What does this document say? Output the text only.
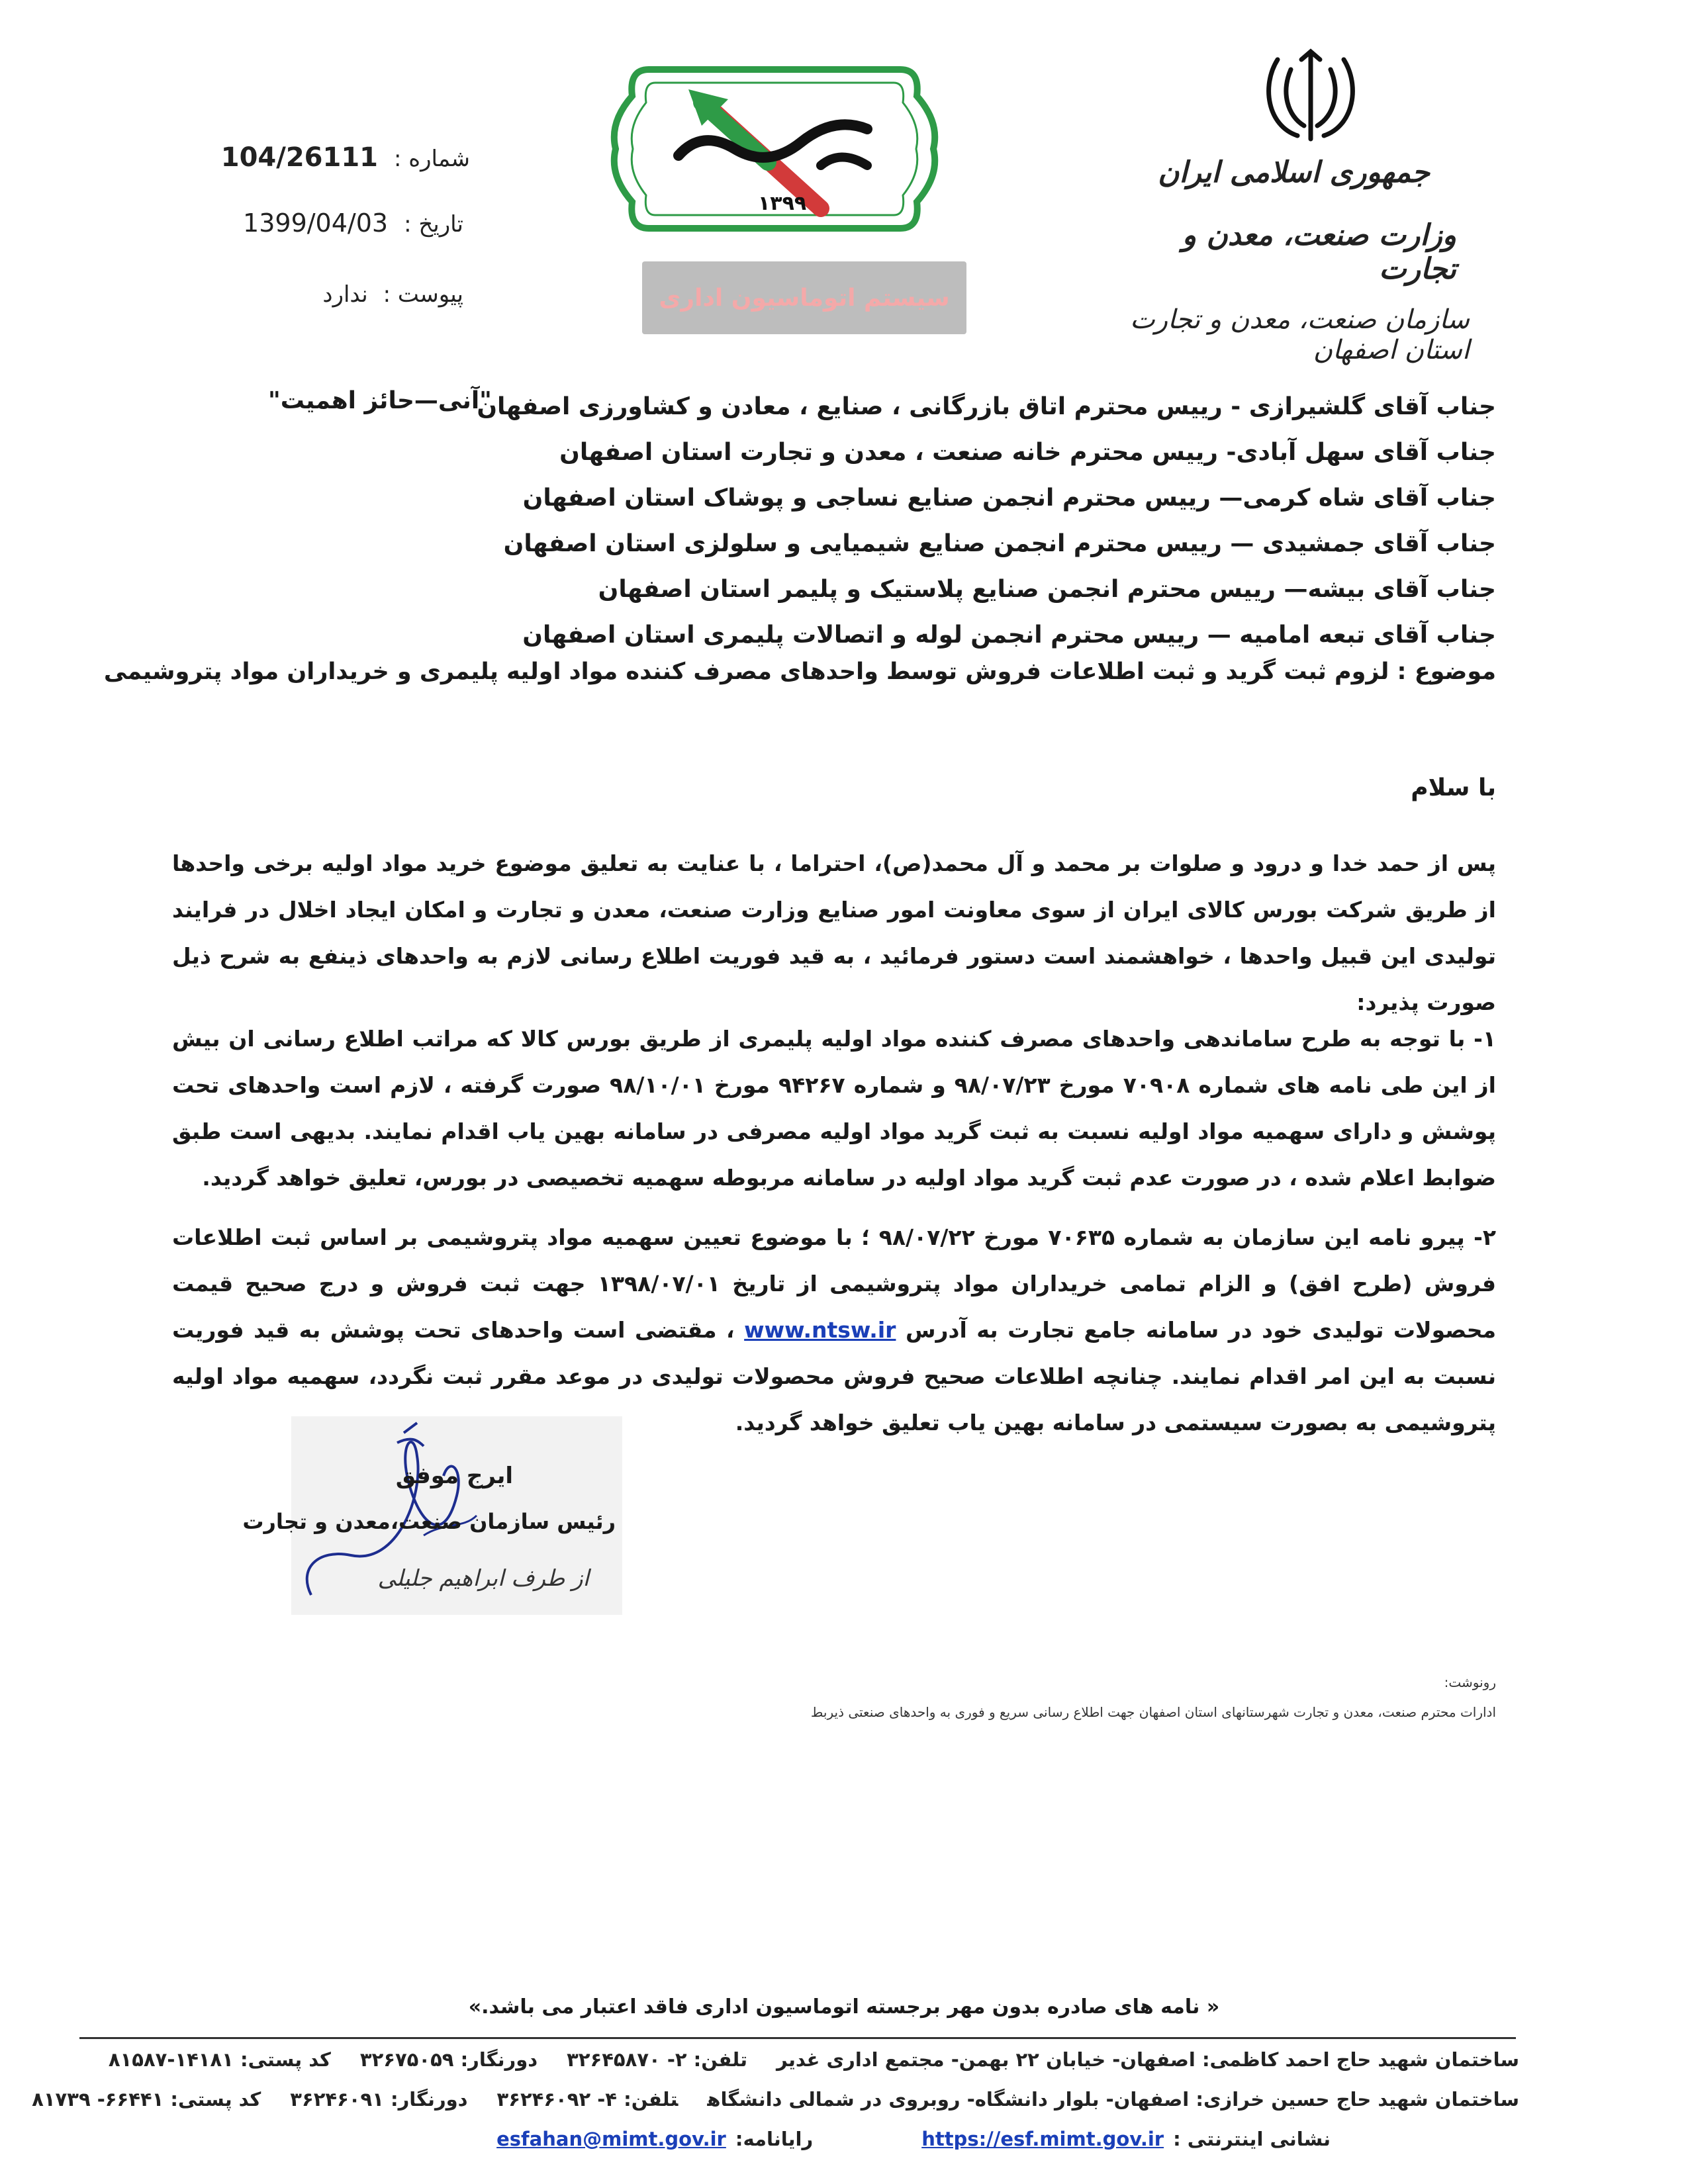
جمهوری اسلامی ایران
وزارت صنعت، معدن و تجارت
سازمان صنعت، معدن و تجارت استان اصفهان
۱۳۹۹
سیستم اتوماسیون اداری
شماره :104/26111
تاریخ :1399/04/03
پیوست : ندارد
"آنی—حائز اهمیت"
جناب آقای گلشیرازی - رییس محترم اتاق بازرگانی ، صنایع ، معادن و کشاورزی اصفهان
جناب آقای سهل آبادی- رییس محترم خانه صنعت ، معدن و تجارت استان اصفهان
جناب آقای شاه کرمی— رییس محترم انجمن صنایع نساجی و پوشاک استان اصفهان
جناب آقای جمشیدی — رییس محترم انجمن صنایع شیمیایی و سلولزی استان اصفهان
جناب آقای بیشه— رییس محترم انجمن صنایع پلاستیک و پلیمر استان اصفهان
جناب آقای تبعه امامیه — رییس محترم انجمن لوله و اتصالات پلیمری استان اصفهان
موضوع : لزوم ثبت گرید و ثبت اطلاعات فروش توسط واحدهای مصرف کننده مواد اولیه پلیمری و خریداران مواد پتروشیمی
با سلام
پس از حمد خدا و درود و صلوات بر محمد و آل محمد(ص)، احتراما ، با عنایت به تعلیق موضوع خرید مواد اولیه برخی واحدها از طریق شرکت بورس کالای ایران از سوی معاونت امور صنایع وزارت صنعت، معدن و تجارت و امکان ایجاد اخلال در فرایند تولیدی این قبیل واحدها ، خواهشمند است دستور فرمائید ، به قید فوریت اطلاع رسانی لازم به واحدهای ذینفع به شرح ذیل صورت پذیرد:
۱- با توجه به طرح ساماندهی واحدهای مصرف کننده مواد اولیه پلیمری از طریق بورس کالا که مراتب اطلاع رسانی ان بیش از این طی نامه های شماره ۷۰۹۰۸ مورخ ۹۸/۰۷/۲۳ و شماره ۹۴۲۶۷ مورخ ۹۸/۱۰/۰۱ صورت گرفته ، لازم است واحدهای تحت پوشش و دارای سهمیه مواد اولیه نسبت به ثبت گرید مواد اولیه مصرفی در سامانه بهین یاب اقدام نمایند. بدیهی است طبق ضوابط اعلام شده ، در صورت عدم ثبت گرید مواد اولیه در سامانه مربوطه سهمیه تخصیصی در بورس، تعلیق خواهد گردید.
۲- پیرو نامه این سازمان به شماره ۷۰۶۳۵ مورخ ۹۸/۰۷/۲۲ ؛ با موضوع تعیین سهمیه مواد پتروشیمی بر اساس ثبت اطلاعات فروش (طرح افق) و الزام تمامی خریداران مواد پتروشیمی از تاریخ ۱۳۹۸/۰۷/۰۱ جهت ثبت فروش و درج صحیح قیمت محصولات تولیدی خود در سامانه جامع تجارت به آدرس www.ntsw.ir ، مقتضی است واحدهای تحت پوشش به قید فوریت نسبت به این امر اقدام نمایند. چنانچه اطلاعات صحیح فروش محصولات تولیدی در موعد مقرر ثبت نگردد، سهمیه مواد اولیه پتروشیمی به بصورت سیستمی در سامانه بهین یاب تعلیق خواهد گردید.
ایرج موفق
رئیس سازمان صنعت،معدن و تجارت
از طرف ابراهیم جلیلی
رونوشت:
ادارات محترم صنعت، معدن و تجارت شهرستانهای استان اصفهان جهت اطلاع رسانی سریع و فوری به واحدهای صنعتی ذیربط
« نامه های صادره بدون مهر برجسته اتوماسیون اداری فاقد اعتبار می باشد.»
ساختمان شهید حاج احمد کاظمی: اصفهان- خیابان ۲۲ بهمن- مجتمع اداری غدیرتلفن: ۲- ۳۲۶۴۵۸۷۰دورنگار: ۳۲۶۷۵۰۵۹کد پستی: ۱۴۱۸۱-۸۱۵۸۷
ساختمان شهید حاج حسین خرازی: اصفهان- بلوار دانشگاه- روبروی در شمالی دانشگاهتلفن: ۴- ۳۶۲۴۶۰۹۲دورنگار: ۳۶۲۴۶۰۹۱کد پستی: ۶۶۴۴۱- ۸۱۷۳۹
نشانی اینترنتی :https://esf.mimt.gov.irرایانامه:esfahan@mimt.gov.ir
